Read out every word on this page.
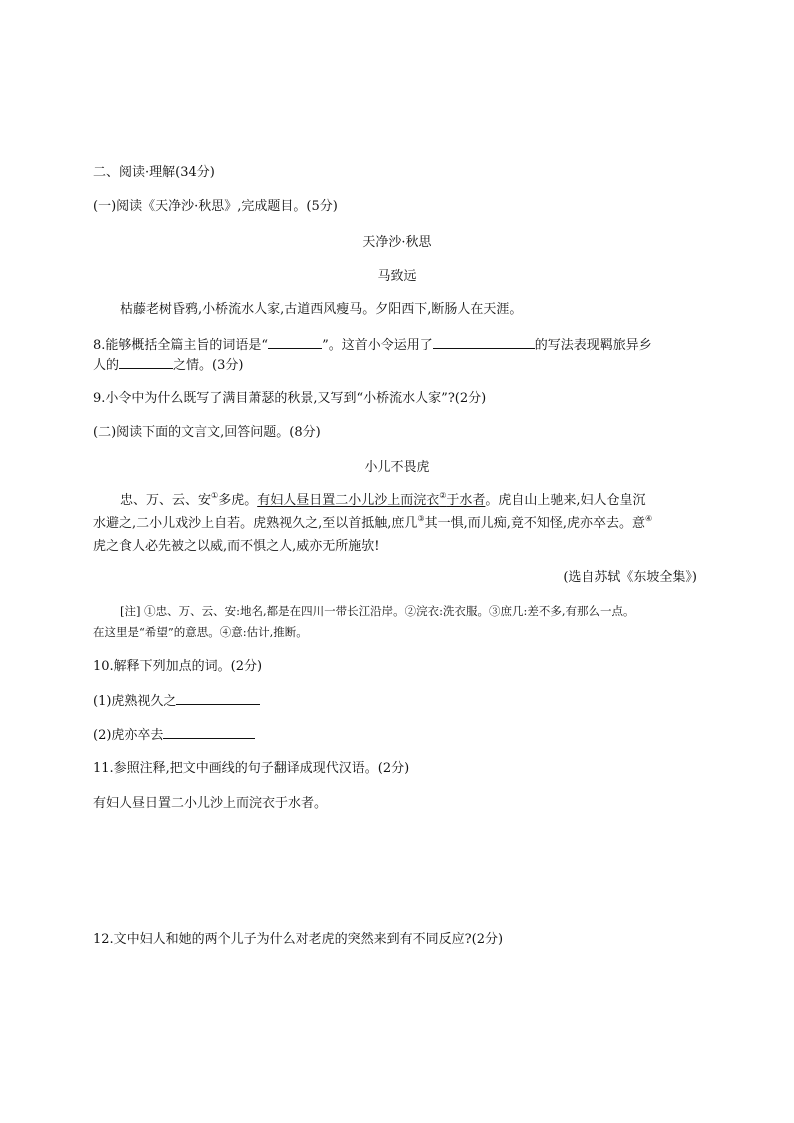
二、阅读·理解(34分)
(一)阅读《天净沙·秋思》,完成题目。(5分)
天净沙·秋思
马致远
枯藤老树昏鸦,小桥流水人家,古道西风瘦马。夕阳西下,断肠人在天涯。
8.能够概括全篇主旨的词语是“	”。这首小令运用了	的写法表现羁旅异乡
人的	之情。(3分)
9.小令中为什么既写了满目萧瑟的秋景,又写到“小桥流水人家”?(2分)
(二)阅读下面的文言文,回答问题。(8分)
小儿不畏虎
忠、万、云、安①多虎。有妇人昼日置二小儿沙上而浣衣②于水者。虎自山上驰来,妇人仓皇沉
水避之,二小儿戏沙上自若。虎熟视久之,至以首抵触,庶几③其一惧,而儿痴,竟不知怪,虎亦卒去。意④
虎之食人必先被之以威,而不惧之人,威亦无所施欤!
(选自苏轼《东坡全集》)
[注] ①忠、万、云、安:地名,都是在四川一带长江沿岸。②浣衣:洗衣服。③庶几:差不多,有那么一点。
在这里是“希望”的意思。④意:估计,推断。
10.解释下列加点的词。(2分)
(1)虎熟视久之
(2)虎亦卒去
11.参照注释,把文中画线的句子翻译成现代汉语。(2分)
有妇人昼日置二小儿沙上而浣衣于水者。
12.文中妇人和她的两个儿子为什么对老虎的突然来到有不同反应?(2分)
